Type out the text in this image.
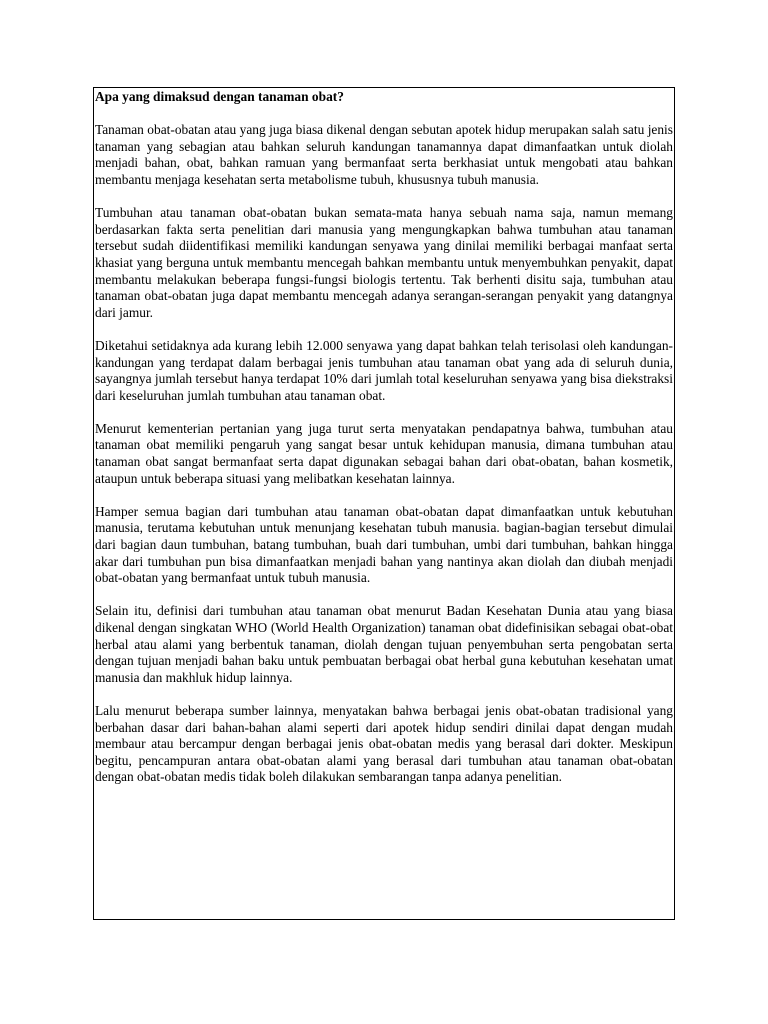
Apa yang dimaksud dengan tanaman obat?

Tanaman obat-obatan atau yang juga biasa dikenal dengan sebutan apotek hidup merupakan salah satu jenis tanaman yang sebagian atau bahkan seluruh kandungan tanamannya dapat dimanfaatkan untuk diolah menjadi bahan, obat, bahkan ramuan yang bermanfaat serta berkhasiat untuk mengobati atau bahkan membantu menjaga kesehatan serta metabolisme tubuh, khususnya tubuh manusia.

Tumbuhan atau tanaman obat-obatan bukan semata-mata hanya sebuah nama saja, namun memang berdasarkan fakta serta penelitian dari manusia yang mengungkapkan bahwa tumbuhan atau tanaman tersebut sudah diidentifikasi memiliki kandungan senyawa yang dinilai memiliki berbagai manfaat serta khasiat yang berguna untuk membantu mencegah bahkan membantu untuk menyembuhkan penyakit, dapat membantu melakukan beberapa fungsi-fungsi biologis tertentu. Tak berhenti disitu saja, tumbuhan atau tanaman obat-obatan juga dapat membantu mencegah adanya serangan-serangan penyakit yang datangnya dari jamur.

Diketahui setidaknya ada kurang lebih 12.000 senyawa yang dapat bahkan telah terisolasi oleh kandungan-kandungan yang terdapat dalam berbagai jenis tumbuhan atau tanaman obat yang ada di seluruh dunia, sayangnya jumlah tersebut hanya terdapat 10% dari jumlah total keseluruhan senyawa yang bisa diekstraksi dari keseluruhan jumlah tumbuhan atau tanaman obat.

Menurut kementerian pertanian yang juga turut serta menyatakan pendapatnya bahwa, tumbuhan atau tanaman obat memiliki pengaruh yang sangat besar untuk kehidupan manusia, dimana tumbuhan atau tanaman obat sangat bermanfaat serta dapat digunakan sebagai bahan dari obat-obatan, bahan kosmetik, ataupun untuk beberapa situasi yang melibatkan kesehatan lainnya.

Hamper semua bagian dari tumbuhan atau tanaman obat-obatan dapat dimanfaatkan untuk kebutuhan manusia, terutama kebutuhan untuk menunjang kesehatan tubuh manusia. bagian-bagian tersebut dimulai dari bagian daun tumbuhan, batang tumbuhan, buah dari tumbuhan, umbi dari tumbuhan, bahkan hingga akar dari tumbuhan pun bisa dimanfaatkan menjadi bahan yang nantinya akan diolah dan diubah menjadi obat-obatan yang bermanfaat untuk tubuh manusia.

Selain itu, definisi dari tumbuhan atau tanaman obat menurut Badan Kesehatan Dunia atau yang biasa dikenal dengan singkatan WHO (World Health Organization) tanaman obat didefinisikan sebagai obat-obat herbal atau alami yang berbentuk tanaman, diolah dengan tujuan penyembuhan serta pengobatan serta dengan tujuan menjadi bahan baku untuk pembuatan berbagai obat herbal guna kebutuhan kesehatan umat manusia dan makhluk hidup lainnya.

Lalu menurut beberapa sumber lainnya, menyatakan bahwa berbagai jenis obat-obatan tradisional yang berbahan dasar dari bahan-bahan alami seperti dari apotek hidup sendiri dinilai dapat dengan mudah membaur atau bercampur dengan berbagai jenis obat-obatan medis yang berasal dari dokter. Meskipun begitu, pencampuran antara obat-obatan alami yang berasal dari tumbuhan atau tanaman obat-obatan dengan obat-obatan medis tidak boleh dilakukan sembarangan tanpa adanya penelitian.
